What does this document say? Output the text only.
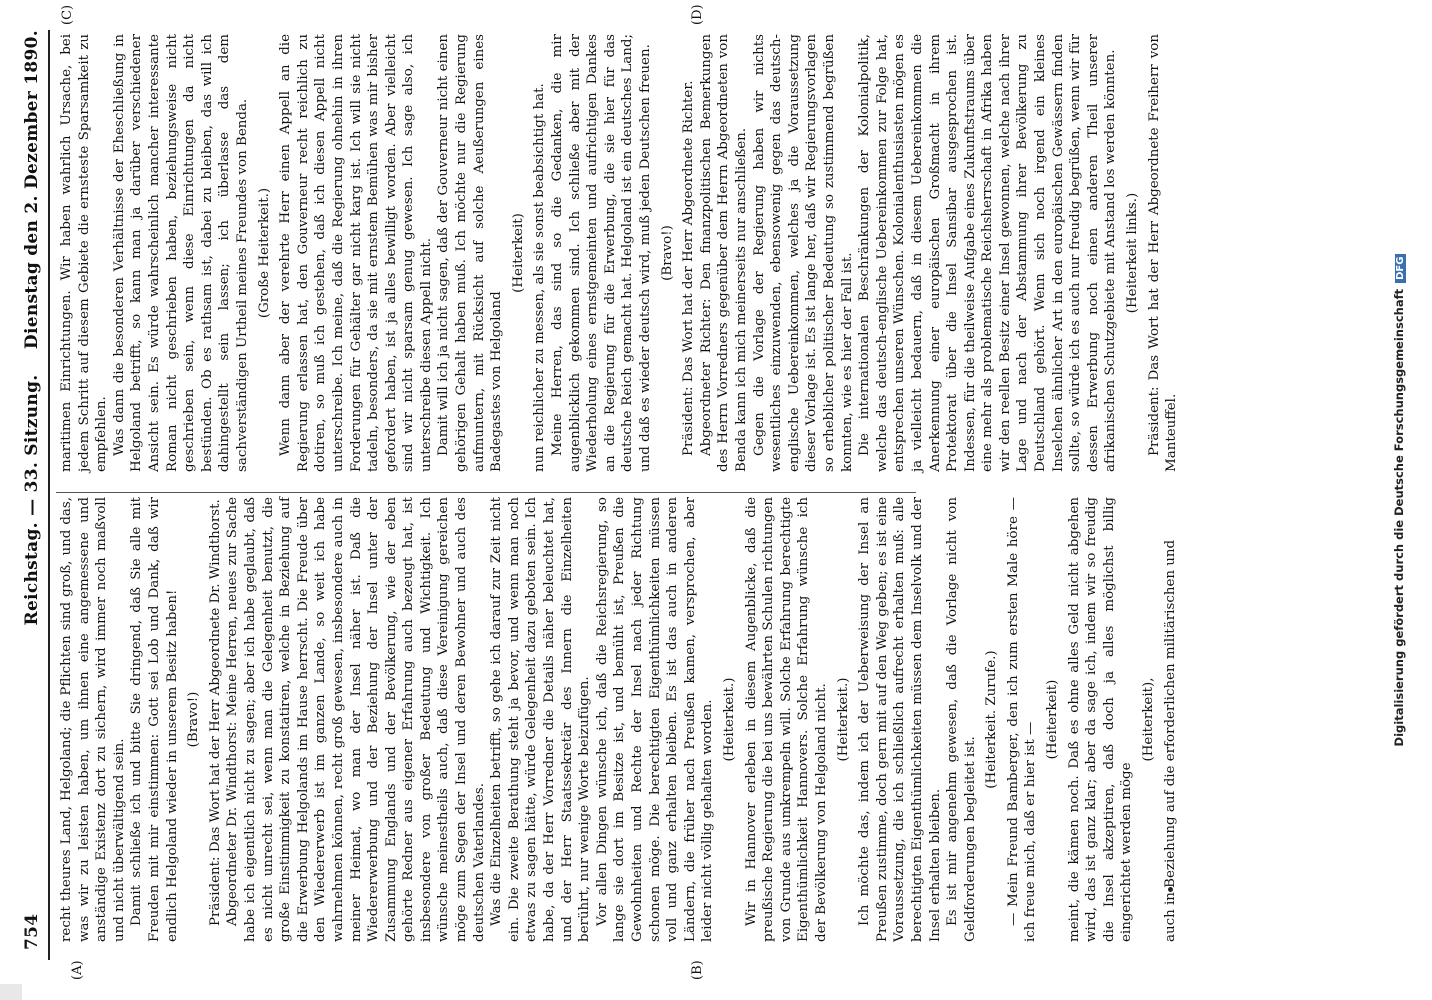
754
Reichstag. — 33. Sitzung.
Dienstag den 2. Dezember 1890.
(A)	(B)
(C)	(D)

recht theures Land, Helgoland; die Pflichten sind groß, und das, was wir zu leisten haben, um ihnen eine angemessene und anständige Existenz dort zu sichern, wird immer noch maßvoll und nicht überwältigend sein. Damit schließe ich und bitte Sie dringend, daß Sie alle mit Freuden mit mir einstimmen: Gott sei Lob und Dank, daß wir endlich Helgoland wieder in unserem Besitz haben! (Bravo!) Präsident: Das Wort hat der Herr Abgeordnete Dr. Windthorst. Abgeordneter Dr. Windthorst: Meine Herren, neues zur Sache habe ich eigentlich nicht zu sagen; aber ich habe geglaubt, daß es nicht unrecht sei, wenn man die Gelegenheit benutzt, die große Einstimmigkeit zu konstatiren, welche in Beziehung auf die Erwerbung Helgolands im Hause herrscht. Die Freude über den Wiedererwerb ist im ganzen Lande, so weit ich habe wahrnehmen können, recht groß gewesen, insbesondere auch in meiner Heimat, wo man der Insel näher ist. Daß die Wiedererwerbung und der Beziehung der Insel unter der Zusammung Englands und der Bevölkerung, wie der eben gehörte Redner aus eigener Erfahrung auch bezeugt hat, ist insbesondere von großer Bedeutung und Wichtigkeit. Ich wünsche meinestheils auch, daß diese Vereinigung gereichen möge zum Segen der Insel und deren Bewohner und auch des deutschen Vaterlandes. Was die Einzelheiten betrifft, so gehe ich darauf zur Zeit nicht ein. Die zweite Berathung steht ja bevor, und wenn man noch etwas zu sagen hätte, würde Gelegenheit dazu geboten sein. Ich habe, da der Herr Vorredner die Details näher beleuchtet hat, und der Herr Staatssekretär des Innern die Einzelheiten berührt, nur wenige Worte beizufügen. Vor allen Dingen wünsche ich, daß die Reichsregierung, so lange sie dort im Besitze ist, und bemüht ist, Preußen die Gewohnheiten und Rechte der Insel nach jeder Richtung schonen möge. Die berechtigten Eigenthümlichkeiten müssen voll und ganz erhalten bleiben. Es ist das auch in anderen Ländern, die früher nach Preußen kamen, versprochen, aber leider nicht völlig gehalten worden. (Heiterkeit.) Wir in Hannover erleben in diesem Augenblicke, daß die preußische Regierung die bei uns bewährten Schulen richtungen von Grunde aus umkrempeln will. Solche Erfahrung berechtigte Eigenthümlichkeit Hannovers. Solche Erfahrung wünsche ich der Bevölkerung von Helgoland nicht. (Heiterkeit.) Ich möchte das, indem ich der Ueberweisung der Insel an Preußen zustimme, doch gern mit auf den Weg geben; es ist eine Voraussetzung, die ich schließlich aufrecht erhalten muß: alle berechtigten Eigenthümlichkeiten müssen dem Inselvolk und der Insel erhalten bleiben. Es ist mir angenehm gewesen, daß die Vorlage nicht von Geldforderungen begleitet ist.

(Heiterkeit. Zurufe.) — Mein Freund Bamberger, den ich zum ersten Male höre — ich freue mich, daß er hier ist —

(Heiterkeit) meint, die kämen noch. Daß es ohne alles Geld nicht abgehen wird, das ist ganz klar; aber da sage ich, indem wir so freudig die Insel akzeptiren, daß doch ja alles möglichst billig eingerichtet werden möge

(Heiterkeit), auch in Beziehung auf die erforderlichen militärischen und

maritimen Einrichtungen. Wir haben wahrlich Ursache, bei jedem Schritt auf diesem Gebiete die ernsteste Sparsamkeit zu empfehlen. Was dann die besonderen Verhältnisse der Eheschließung in Helgoland betrifft, so kann man ja darüber verschiedener Ansicht sein. Es würde wahrscheinlich mancher interessante Roman nicht geschrieben haben, beziehungsweise nicht geschrieben sein, wenn diese Einrichtungen da nicht bestünden. Ob es rathsam ist, dabei zu bleiben, das will ich dahingestellt sein lassen; ich überlasse das dem sachverständigen Urtheil meines Freundes von Benda. (Große Heiterkeit.) Wenn dann aber der verehrte Herr einen Appell an die Regierung erlassen hat, den Gouverneur recht reichlich zu dotiren, so muß ich gestehen, daß ich diesen Appell nicht unterschreibe. Ich meine, daß die Regierung ohnehin in ihren Forderungen für Gehälter gar nicht karg ist. Ich will sie nicht tadeln, besonders, da sie mit ernstem Bemühen was mir bisher gefordert haben, ist ja alles bewilligt worden. Aber vielleicht sind wir nicht sparsam genug gewesen. Ich sage also, ich unterschreibe diesen Appell nicht. Damit will ich ja nicht sagen, daß der Gouverneur nicht einen gehörigen Gehalt haben muß. Ich möchte nur die Regierung aufmuntern, mit Rücksicht auf solche Aeußerungen eines Badegastes von Helgoland

(Heiterkeit) nun reichlicher zu messen, als sie sonst beabsichtigt hat. Meine Herren, das sind so die Gedanken, die mir augenblicklich gekommen sind. Ich schließe aber mit der Wiederholung eines ernstgemeinten und aufrichtigen Dankes an die Regierung für die Erwerbung, die sie hier für das deutsche Reich gemacht hat. Helgoland ist ein deutsches Land; und daß es wieder deutsch wird, muß jeden Deutschen freuen. (Bravo!) Präsident: Das Wort hat der Herr Abgeordnete Richter. Abgeordneter Richter: Den finanzpolitischen Bemerkungen des Herrn Vorredners gegenüber dem Herrn Abgeordneten von Benda kann ich mich meinerseits nur anschließen. Gegen die Vorlage der Regierung haben wir nichts wesentliches einzuwenden, ebensowenig gegen das deutsch-englische Uebereinkommen, welches ja die Voraussetzung dieser Vorlage ist. Es ist lange her, daß wir Regierungsvorlagen so erheblicher politischer Bedeutung so zustimmend begrüßen konnten, wie es hier der Fall ist. Die internationalen Beschränkungen der Kolonialpolitik, welche das deutsch-englische Uebereinkommen zur Folge hat, entsprechen unseren Wünschen. Kolonialenthusiasten mögen es ja vielleicht bedauern, daß in diesem Uebereinkommen die Anerkennung einer europäischen Großmacht in ihrem Protektorat über die Insel Sansibar ausgesprochen ist. Indessen, für die theilweise Aufgabe eines Zukunftstraums über eine mehr als problematische Reichsherrschaft in Afrika haben wir den reellen Besitz einer Insel gewonnen, welche nach ihrer Lage und nach der Abstammung ihrer Bevölkerung zu Deutschland gehört. Wenn sich noch irgend ein kleines Inselchen ähnlicher Art in den europäischen Gewässern finden sollte, so würde ich es auch nur freudig begrüßen, wenn wir für dessen Erwerbung noch einen anderen Theil unserer afrikanischen Schutzgebiete mit Anstand los werden könnten. (Heiterkeit links.) Präsident: Das Wort hat der Herr Abgeordnete Freiherr von Manteuffel.	Digitalisierung gefördert durch die Deutsche ForschungsgemeinschaftDFG
